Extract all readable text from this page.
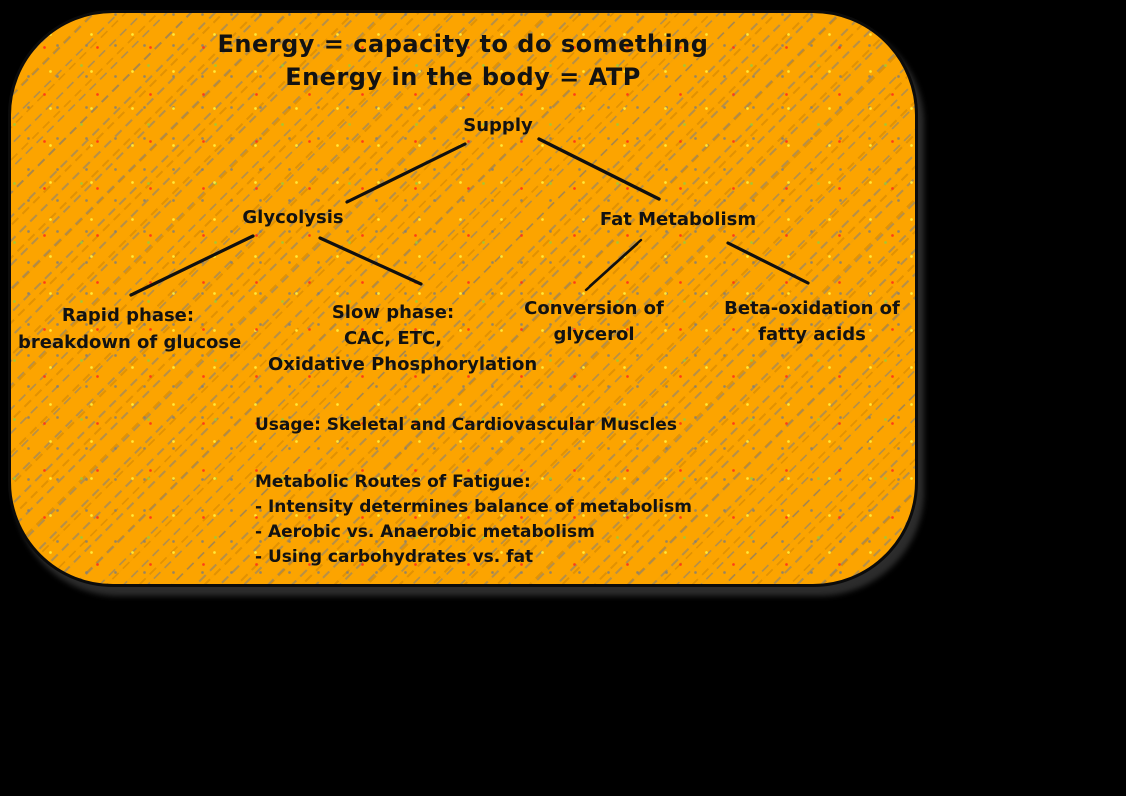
Energy = capacity to do something
Energy in the body = ATP
Supply
Glycolysis	Fat Metabolism
Rapid phase:
breakdown of glucose
Slow phase:
CAC, ETC,
Oxidative Phosphorylation
Conversion of
glycerol
Beta-oxidation of
fatty acids
Usage: Skeletal and Cardiovascular Muscles
Metabolic Routes of Fatigue:
- Intensity determines balance of metabolism
- Aerobic vs. Anaerobic metabolism
- Using carbohydrates vs. fat
